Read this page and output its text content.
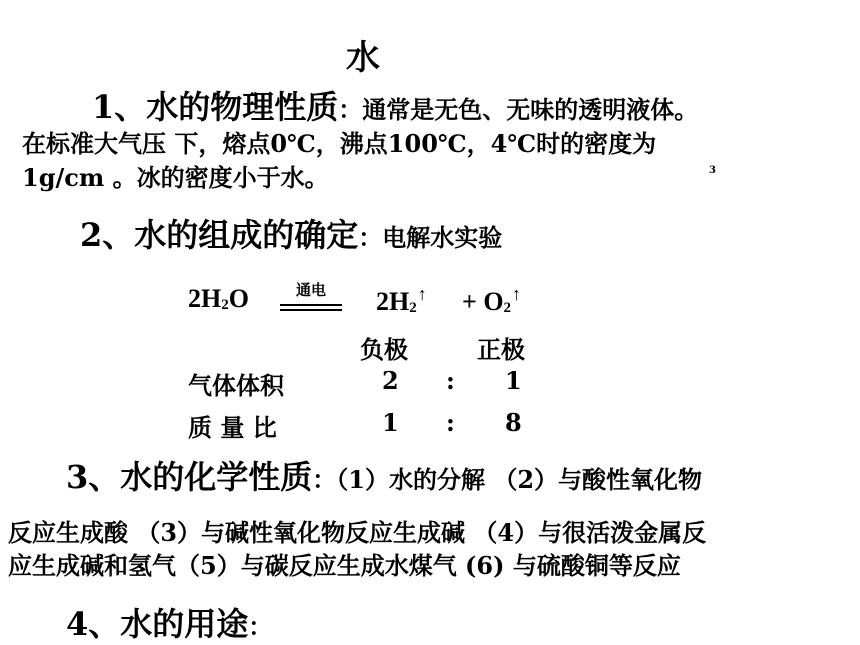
水
1、水的物理性质：通常是无色、无味的透明液体。
在标准大气压 下，熔点0℃，沸点100℃，4℃时的密度为
1g/cm 。冰的密度小于水。	3
2、水的组成的确定：电解水实验
2H2O	通电	2H2↑ + O2↑
负极	正极
气体体积	2 : 1
质 量 比	1 : 8
3、水的化学性质：（1）水的分解 （2）与酸性氧化物
反应生成酸 （3）与碱性氧化物反应生成碱 （4）与很活泼金属反
应生成碱和氢气（5）与碳反应生成水煤气 (6) 与硫酸铜等反应
4、水的用途：
